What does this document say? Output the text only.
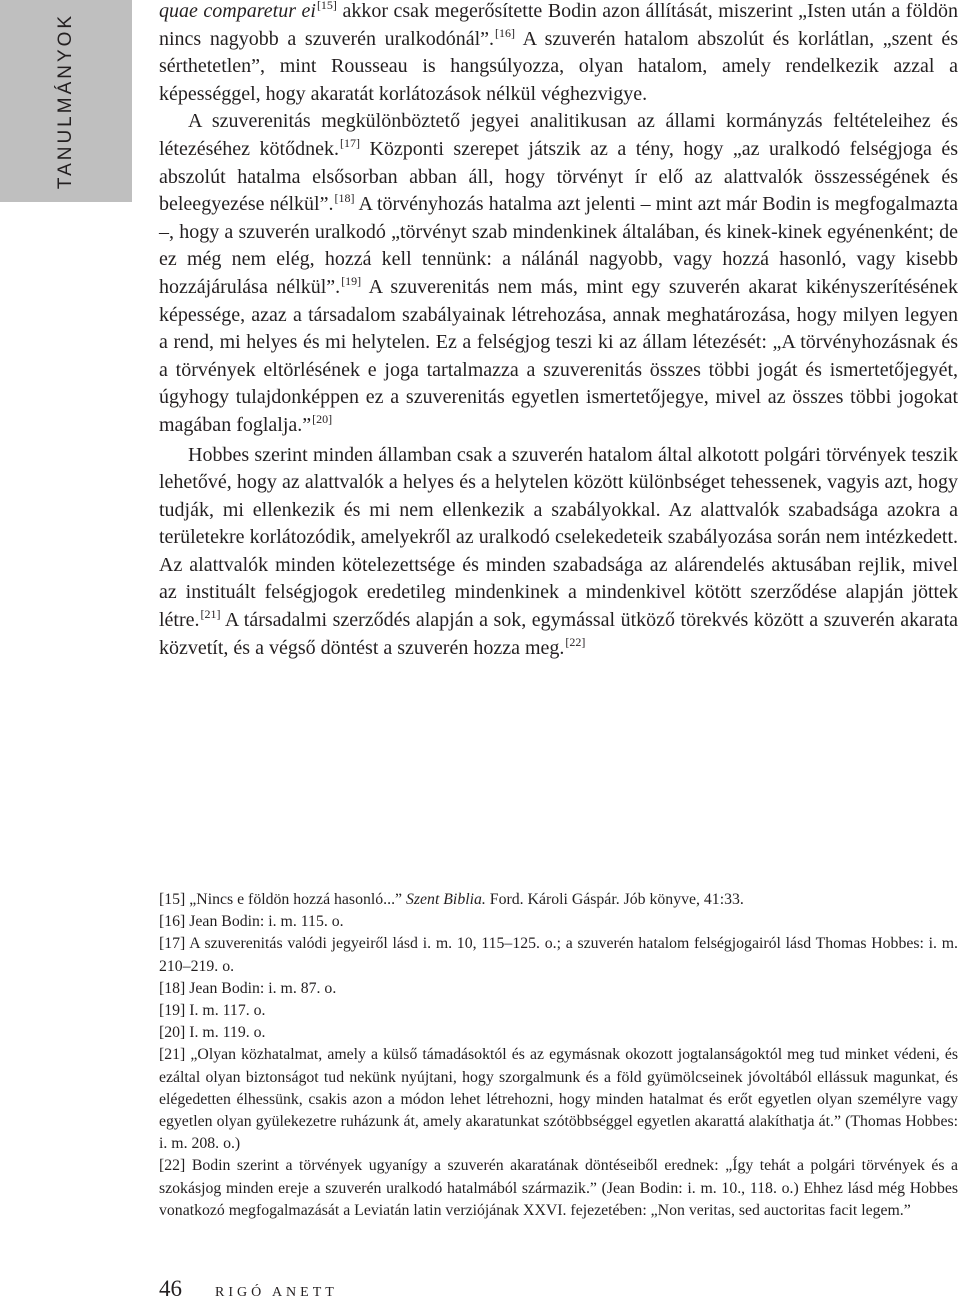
TANULMÁNYOK

quae comparetur ei[15] akkor csak megerősítette Bodin azon állítását, miszerint „Isten után a földön nincs nagyobb a szuverén uralkodónál”.[16] A szuverén hatalom abszolút és korlátlan, „szent és sérthetetlen”, mint Rousseau is hangsúlyozza, olyan hatalom, amely rendelkezik azzal a képességgel, hogy akaratát korlátozások nélkül véghezvigye.

A szuverenitás megkülönböztető jegyei analitikusan az állami kormányzás feltételeihez és létezéséhez kötődnek.[17] Központi szerepet játszik az a tény, hogy „az uralkodó felségjoga és abszolút hatalma elsősorban abban áll, hogy törvényt ír elő az alattvalók összességének és beleegyezése nélkül”.[18] A törvényhozás hatalma azt jelenti – mint azt már Bodin is megfogalmazta –, hogy a szuverén uralkodó „törvényt szab mindenkinek általában, és kinek-kinek egyénenként; de ez még nem elég, hozzá kell tennünk: a nálánál nagyobb, vagy hozzá hasonló, vagy kisebb hozzájárulása nélkül”.[19] A szuverenitás nem más, mint egy szuverén akarat kikényszerítésének képessége, azaz a társadalom szabályainak létrehozása, annak meghatározása, hogy milyen legyen a rend, mi helyes és mi helytelen. Ez a felségjog teszi ki az állam létezését: „A törvényhozásnak és a törvények eltörlésének e joga tartalmazza a szuverenitás összes többi jogát és ismertetőjegyét, úgyhogy tulajdonképpen ez a szuverenitás egyetlen ismertetőjegye, mivel az összes többi jogokat magában foglalja.”[20]

Hobbes szerint minden államban csak a szuverén hatalom által alkotott polgári törvények teszik lehetővé, hogy az alattvalók a helyes és a helytelen között különbséget tehessenek, vagyis azt, hogy tudják, mi ellenkezik és mi nem ellenkezik a szabályokkal. Az alattvalók szabadsága azokra a területekre korlátozódik, amelyekről az uralkodó cselekedeteik szabályozása során nem intézkedett. Az alattvalók minden kötelezettsége és minden szabadsága az alárendelés aktusában rejlik, mivel az instituált felségjogok eredetileg mindenkinek a mindenkivel kötött szerződése alapján jöttek létre.[21] A társadalmi szerződés alapján a sok, egymással ütköző törekvés között a szuverén akarata közvetít, és a végső döntést a szuverén hozza meg.[22]

[15] „Nincs e földön hozzá hasonló...” Szent Biblia. Ford. Károli Gáspár. Jób könyve, 41:33.

[16] Jean Bodin: i. m. 115. o.

[17] A szuverenitás valódi jegyeiről lásd i. m. 10, 115–125. o.; a szuverén hatalom felségjogairól lásd Thomas Hobbes: i. m. 210–219. o.

[18] Jean Bodin: i. m. 87. o.

[19] I. m. 117. o.

[20] I. m. 119. o.

[21] „Olyan közhatalmat, amely a külső támadásoktól és az egymásnak okozott jogtalanságoktól meg tud minket védeni, és ezáltal olyan biztonságot tud nekünk nyújtani, hogy szorgalmunk és a föld gyümölcseinek jóvoltából ellássuk magunkat, és elégedetten élhessünk, csakis azon a módon lehet létrehozni, hogy minden hatalmat és erőt egyetlen olyan személyre vagy egyetlen olyan gyülekezetre ruházunk át, amely akaratunkat szótöbbséggel egyetlen akarattá alakíthatja át.” (Thomas Hobbes: i. m. 208. o.)

[22] Bodin szerint a törvények ugyanígy a szuverén akaratának döntéseiből erednek: „Így tehát a polgári törvények és a szokásjog minden ereje a szuverén uralkodó hatalmából származik.” (Jean Bodin: i. m. 10., 118. o.) Ehhez lásd még Hobbes vonatkozó megfogalmazását a Leviatán latin verziójának XXVI. fejezetében: „Non veritas, sed auctoritas facit legem.”

46 RIGÓ ANETT
